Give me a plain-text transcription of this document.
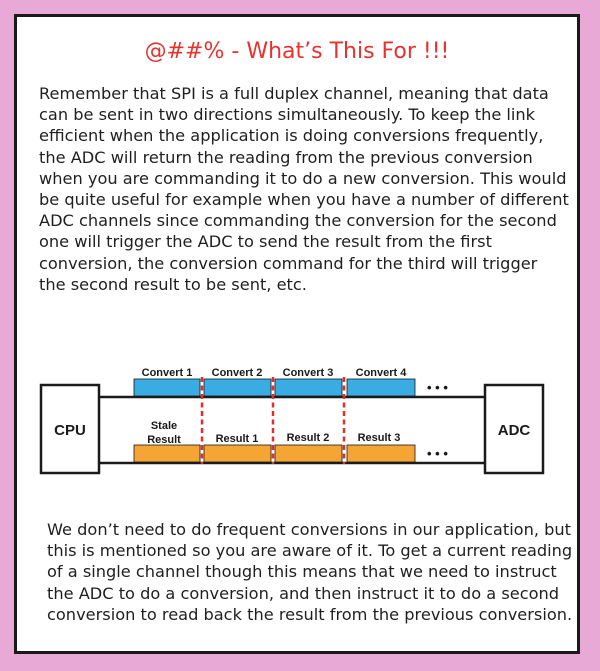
@##% - What’s This For !!!

Remember that SPI is a full duplex channel, meaning that data can be sent in two directions simultaneously. To keep the link efficient when the application is doing conversions frequently, the ADC will return the reading from the previous conversion when you are commanding it to do a new conversion. This would be quite useful for example when you have a number of different ADC channels since commanding the conversion for the second one will trigger the ADC to send the result from the first conversion, the conversion command for the third will trigger the second result to be sent, etc.

CPU	ADC
Convert 1 Convert 2 Convert 3 Convert 4
• • •
Stale
Result	Result 1	Result 2	Result 3
• • •

We don’t need to do frequent conversions in our application, but this is mentioned so you are aware of it. To get a current reading of a single channel though this means that we need to instruct the ADC to do a conversion, and then instruct it to do a second conversion to read back the result from the previous conversion.
